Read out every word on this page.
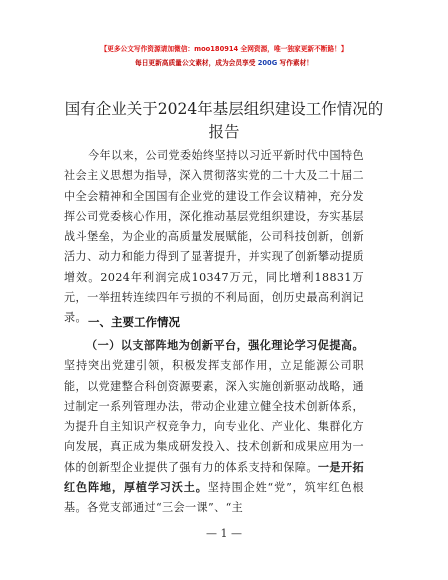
【更多公文写作资源请加微信：moo180914 全网资源，唯一独家更新不断路！】
每日更新高质量公文素材，成为会员享受 200G 写作素材！
国有企业关于2024年基层组织建设工作情况的
报告
今年以来，公司党委始终坚持以习近平新时代中国特色社会主义思想为指导，深入贯彻落实党的二十大及二十届二中全会精神和全国国有企业党的建设工作会议精神，充分发挥公司党委核心作用，深化推动基层党组织建设，夯实基层战斗堡垒，为企业的高质量发展赋能，公司科技创新，创新活力、动力和能力得到了显著提升，并实现了创新攀动提质增效。2024年利润完成10347万元，同比增利18831万元，一举扭转连续四年亏损的不利局面，创历史最高利润记录。 一、主要工作情况
（一）以支部阵地为创新平台，强化理论学习促提高。坚持突出党建引领，积极发挥支部作用，立足能源公司职能，以党建整合科创资源要素，深入实施创新驱动战略，通过制定一系列管理办法，带动企业建立健全技术创新体系，为提升自主知识产权竞争力，向专业化、产业化、集群化方向发展，真正成为集成研发投入、技术创新和成果应用为一体的创新型企业提供了强有力的体系支持和保障。一是开拓红色阵地，厚植学习沃土。坚持围企姓“党”，筑牢红色根基。各党支部通过“三会一课”、“主
— 1 —
